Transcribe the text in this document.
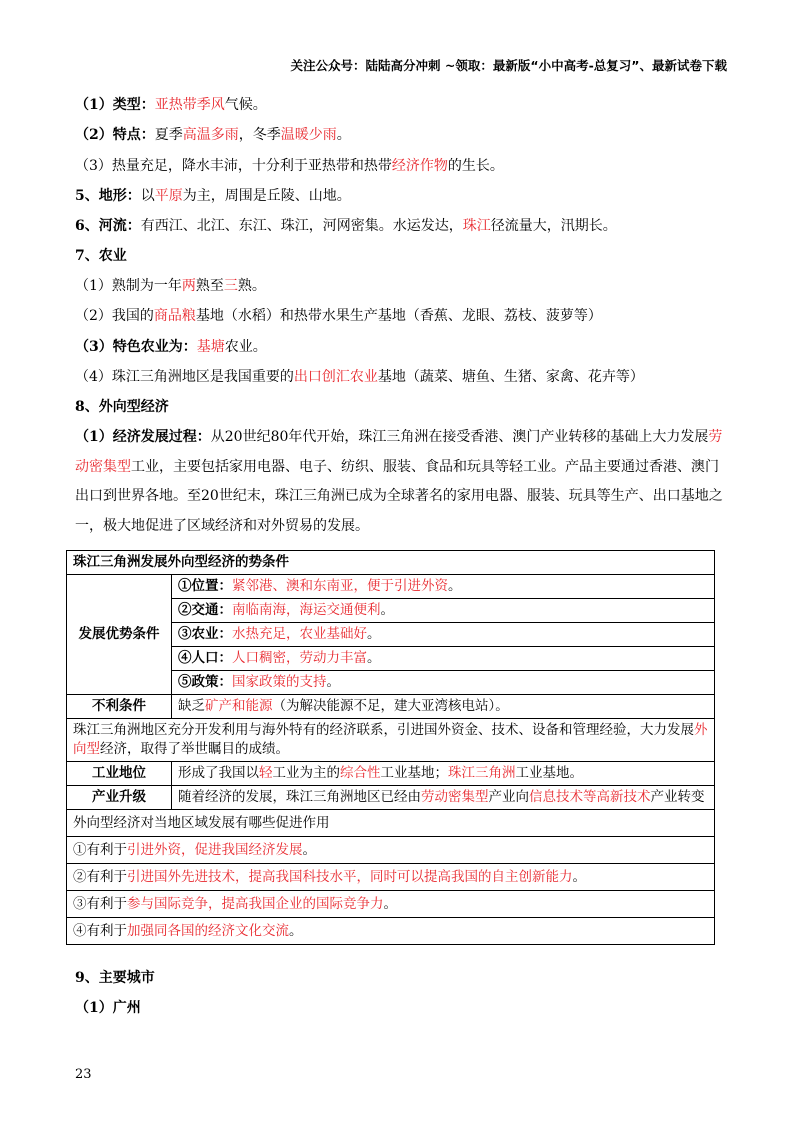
关注公众号：陆陆高分冲刺 ~领取：最新版“小中高考-总复习”、最新试卷下载
（1）类型：亚热带季风气候。
（2）特点：夏季高温多雨，冬季温暖少雨。
（3）热量充足，降水丰沛，十分利于亚热带和热带经济作物的生长。
5、地形：以平原为主，周围是丘陵、山地。
6、河流：有西江、北江、东江、珠江，河网密集。水运发达，珠江径流量大，汛期长。
7、农业
（1）熟制为一年两熟至三熟。
（2）我国的商品粮基地（水稻）和热带水果生产基地（香蕉、龙眼、荔枝、菠萝等）
（3）特色农业为：基塘农业。
（4）珠江三角洲地区是我国重要的出口创汇农业基地（蔬菜、塘鱼、生猪、家禽、花卉等）
8、外向型经济
（1）经济发展过程：从20世纪80年代开始，珠江三角洲在接受香港、澳门产业转移的基础上大力发展劳动密集型工业，主要包括家用电器、电子、纺织、服装、食品和玩具等轻工业。产品主要通过香港、澳门出口到世界各地。至20世纪末，珠江三角洲已成为全球著名的家用电器、服装、玩具等生产、出口基地之一，极大地促进了区域经济和对外贸易的发展。
珠江三角洲发展外向型经济的势条件	
发展优势条件	①位置：紧邻港、澳和东南亚，便于引进外资。
	②交通：南临南海，海运交通便利。
	③农业：水热充足，农业基础好。
	④人口：人口稠密，劳动力丰富。
	⑤政策：国家政策的支持。
不利条件	缺乏矿产和能源（为解决能源不足，建大亚湾核电站）。
珠江三角洲地区充分开发利用与海外特有的经济联系，引进国外资金、技术、设备和管理经验，大力发展外向型经济，取得了举世瞩目的成绩。	
工业地位	形成了我国以轻工业为主的综合性工业基地；珠江三角洲工业基地。
产业升级	随着经济的发展，珠江三角洲地区已经由劳动密集型产业向信息技术等高新技术产业转变
外向型经济对当地区域发展有哪些促进作用	
①有利于引进外资，促进我国经济发展。	
②有利于引进国外先进技术，提高我国科技水平，同时可以提高我国的自主创新能力。	
③有利于参与国际竞争，提高我国企业的国际竞争力。	
④有利于加强同各国的经济文化交流。	
9、主要城市
（1）广州
23
